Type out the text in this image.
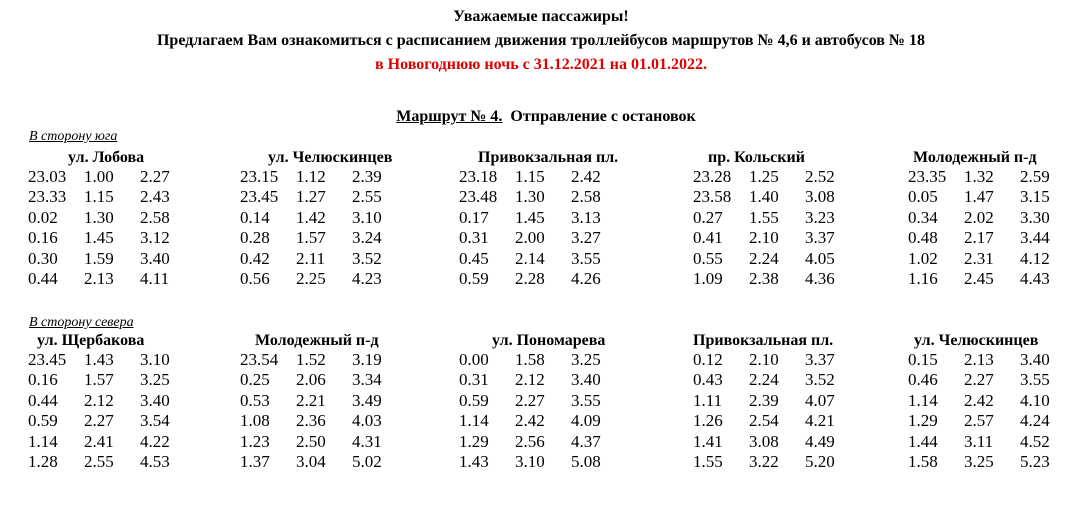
Уважаемые пассажиры!
Предлагаем Вам ознакомиться с расписанием движения троллейбусов маршрутов № 4,6 и автобусов № 18
в Новогоднюю ночь с 31.12.2021 на 01.01.2022.
Маршрут № 4. Отправление с остановок
В сторону юга
ул. Лобова
23.03	1.00	2.27
23.33	1.15	2.43
0.02	1.30	2.58
0.16	1.45	3.12
0.30	1.59	3.40
0.44	2.13	4.11
ул. Челюскинцев
23.15	1.12	2.39
23.45	1.27	2.55
0.14	1.42	3.10
0.28	1.57	3.24
0.42	2.11	3.52
0.56	2.25	4.23
Привокзальная пл.
23.18	1.15	2.42
23.48	1.30	2.58
0.17	1.45	3.13
0.31	2.00	3.27
0.45	2.14	3.55
0.59	2.28	4.26
пр. Кольский
23.28	1.25	2.52
23.58	1.40	3.08
0.27	1.55	3.23
0.41	2.10	3.37
0.55	2.24	4.05
1.09	2.38	4.36
Молодежный п-д
23.35	1.32	2.59
0.05	1.47	3.15
0.34	2.02	3.30
0.48	2.17	3.44
1.02	2.31	4.12
1.16	2.45	4.43
В сторону севера
ул. Щербакова
23.45	1.43	3.10
0.16	1.57	3.25
0.44	2.12	3.40
0.59	2.27	3.54
1.14	2.41	4.22
1.28	2.55	4.53
Молодежный п-д
23.54	1.52	3.19
0.25	2.06	3.34
0.53	2.21	3.49
1.08	2.36	4.03
1.23	2.50	4.31
1.37	3.04	5.02
ул. Пономарева
0.00	1.58	3.25
0.31	2.12	3.40
0.59	2.27	3.55
1.14	2.42	4.09
1.29	2.56	4.37
1.43	3.10	5.08
Привокзальная пл.
0.12	2.10	3.37
0.43	2.24	3.52
1.11	2.39	4.07
1.26	2.54	4.21
1.41	3.08	4.49
1.55	3.22	5.20
ул. Челюскинцев
0.15	2.13	3.40
0.46	2.27	3.55
1.14	2.42	4.10
1.29	2.57	4.24
1.44	3.11	4.52
1.58	3.25	5.23
